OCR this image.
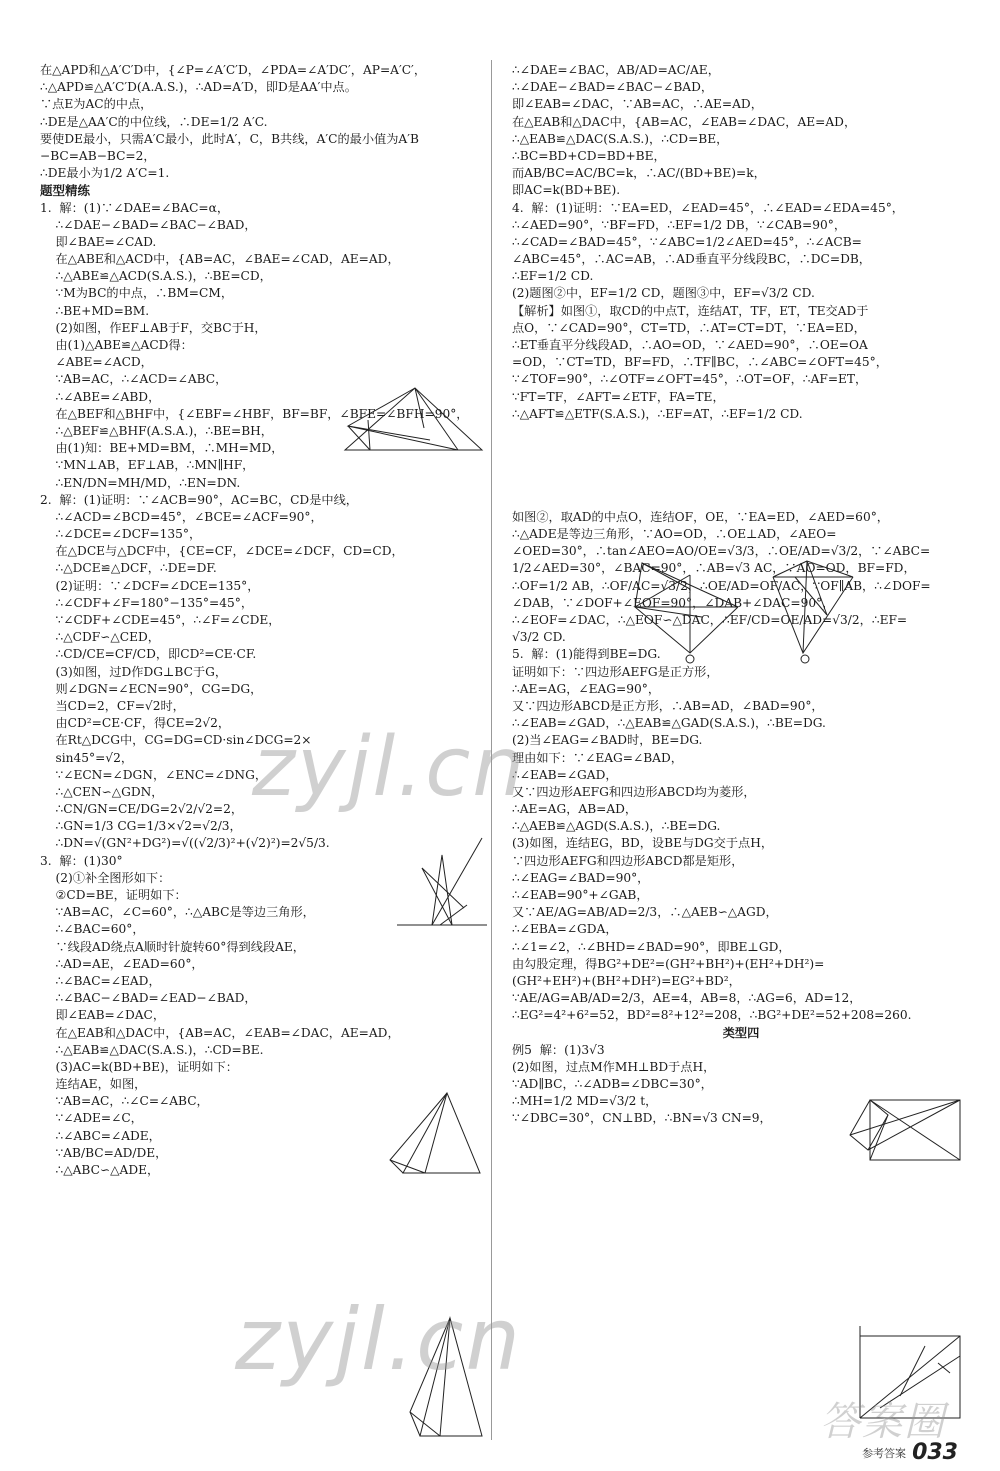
在△APD和△A′C′D中，{∠P=∠A′C′D，∠PDA=∠A′DC′，AP=A′C′，
∴△APD≌△A′C′D(A.A.S.)，∴AD=A′D，即D是AA′中点。
∵点E为AC的中点，
∴DE是△AA′C的中位线，∴DE=1/2 A′C.
要使DE最小，只需A′C最小，此时A′，C，B共线，A′C的最小值为A′B
−BC=AB−BC=2，
∴DE最小为1/2 A′C=1.
题型精练
1.  解：(1)∵∠DAE=∠BAC=α，
∴∠DAE−∠BAD=∠BAC−∠BAD，
即∠BAE=∠CAD.
在△ABE和△ACD中，{AB=AC，∠BAE=∠CAD，AE=AD，
∴△ABE≌△ACD(S.A.S.)，∴BE=CD，
∵M为BC的中点，∴BM=CM，
∴BE+MD=BM.
(2)如图，作EF⊥AB于F，交BC于H，
由(1)△ABE≌△ACD得：
∠ABE=∠ACD，
∵AB=AC，∴∠ACD=∠ABC，
∴∠ABE=∠ABD，
在△BEF和△BHF中，{∠EBF=∠HBF，BF=BF，∠BFE=∠BFH=90°，
∴△BEF≌△BHF(A.S.A.)，∴BE=BH，
由(1)知：BE+MD=BM，∴MH=MD，
∵MN⊥AB，EF⊥AB，∴MN∥HF，
∴EN/DN=MH/MD，∴EN=DN.
2.  解：(1)证明：∵∠ACB=90°，AC=BC，CD是中线，
∴∠ACD=∠BCD=45°，∠BCE=∠ACF=90°，
∴∠DCE=∠DCF=135°，
在△DCE与△DCF中，{CE=CF，∠DCE=∠DCF，CD=CD，
∴△DCE≌△DCF，∴DE=DF.
(2)证明：∵∠DCF=∠DCE=135°，
∴∠CDF+∠F=180°−135°=45°，
∵∠CDF+∠CDE=45°，∴∠F=∠CDE，
∴△CDF∽△CED，
∴CD/CE=CF/CD，即CD²=CE·CF.
(3)如图，过D作DG⊥BC于G，
则∠DGN=∠ECN=90°，CG=DG，
当CD=2，CF=√2时，
由CD²=CE·CF，得CE=2√2，
在Rt△DCG中，CG=DG=CD·sin∠DCG=2×
sin45°=√2，
∵∠ECN=∠DGN，∠ENC=∠DNG，
∴△CEN∽△GDN，
∴CN/GN=CE/DG=2√2/√2=2，
∴GN=1/3 CG=1/3×√2=√2/3，
∴DN=√(GN²+DG²)=√((√2/3)²+(√2)²)=2√5/3.
3.  解：(1)30°
(2)①补全图形如下：
②CD=BE，证明如下：
∵AB=AC，∠C=60°，∴△ABC是等边三角形，
∴∠BAC=60°，
∵线段AD绕点A顺时针旋转60°得到线段AE，
∴AD=AE，∠EAD=60°，
∴∠BAC=∠EAD，
∴∠BAC−∠BAD=∠EAD−∠BAD，
即∠EAB=∠DAC，
在△EAB和△DAC中，{AB=AC，∠EAB=∠DAC，AE=AD，
∴△EAB≌△DAC(S.A.S.)，∴CD=BE.
(3)AC=k(BD+BE)，证明如下：
连结AE，如图，
∵AB=AC，∴∠C=∠ABC，
∵∠ADE=∠C，
∴∠ABC=∠ADE，
∵AB/BC=AD/DE，
∴△ABC∽△ADE，
∴∠DAE=∠BAC，AB/AD=AC/AE，
∴∠DAE−∠BAD=∠BAC−∠BAD，
即∠EAB=∠DAC，∵AB=AC，∴AE=AD，
在△EAB和△DAC中，{AB=AC，∠EAB=∠DAC，AE=AD，
∴△EAB≌△DAC(S.A.S.)，∴CD=BE，
∴BC=BD+CD=BD+BE，
而AB/BC=AC/BC=k，∴AC/(BD+BE)=k，
即AC=k(BD+BE).
4.  解：(1)证明：∵EA=ED，∠EAD=45°，∴∠EAD=∠EDA=45°，
∴∠AED=90°，∵BF=FD，∴EF=1/2 DB，∵∠CAB=90°，
∴∠CAD=∠BAD=45°，∵∠ABC=1/2∠AED=45°，∴∠ACB=
∠ABC=45°，∴AC=AB，∴AD垂直平分线段BC，∴DC=DB，
∴EF=1/2 CD.
(2)题图②中，EF=1/2 CD，题图③中，EF=√3/2 CD.
【解析】如图①，取CD的中点T，连结AT，TF，ET，TE交AD于
点O，∵∠CAD=90°，CT=TD，∴AT=CT=DT，∵EA=ED，
∴ET垂直平分线段AD，∴AO=OD，∵∠AED=90°，∴OE=OA
=OD，∵CT=TD，BF=FD，∴TF∥BC，∴∠ABC=∠OFT=45°，
∵∠TOF=90°，∴∠OTF=∠OFT=45°，∴OT=OF，∴AF=ET，
∵FT=TF，∠AFT=∠ETF，FA=TE，
∴△AFT≌△ETF(S.A.S.)，∴EF=AT，∴EF=1/2 CD.
如图②，取AD的中点O，连结OF，OE，∵EA=ED，∠AED=60°，
∴△ADE是等边三角形，∵AO=OD，∴OE⊥AD，∠AEO=
∠OED=30°，∴tan∠AEO=AO/OE=√3/3，∴OE/AD=√3/2，∵∠ABC=
1/2∠AED=30°，∠BAC=90°，∴AB=√3 AC，∵AO=OD，BF=FD，
∴OF=1/2 AB，∴OF/AC=√3/2，∴OE/AD=OF/AC，∵OF∥AB，∴∠DOF=
∠DAB，∵∠DOF+∠EOF=90°，∠DAB+∠DAC=90°，
∴∠EOF=∠DAC，∴△EOF∽△DAC，∴EF/CD=OE/AD=√3/2，∴EF=
√3/2 CD.
5.  解：(1)能得到BE=DG.
证明如下：∵四边形AEFG是正方形，
∴AE=AG，∠EAG=90°，
又∵四边形ABCD是正方形，∴AB=AD，∠BAD=90°，
∴∠EAB=∠GAD，∴△EAB≌△GAD(S.A.S.)，∴BE=DG.
(2)当∠EAG=∠BAD时，BE=DG.
理由如下：∵∠EAG=∠BAD，
∴∠EAB=∠GAD，
又∵四边形AEFG和四边形ABCD均为菱形，
∴AE=AG，AB=AD，
∴△AEB≌△AGD(S.A.S.)，∴BE=DG.
(3)如图，连结EG，BD，设BE与DG交于点H，
∵四边形AEFG和四边形ABCD都是矩形，
∴∠EAG=∠BAD=90°，
∴∠EAB=90°+∠GAB，
又∵AE/AG=AB/AD=2/3，∴△AEB∽△AGD，
∴∠EBA=∠GDA，
∴∠1=∠2，∴∠BHD=∠BAD=90°，即BE⊥GD，
由勾股定理，得BG²+DE²=(GH²+BH²)+(EH²+DH²)=
(GH²+EH²)+(BH²+DH²)=EG²+BD²，
∵AE/AG=AB/AD=2/3，AE=4，AB=8，∴AG=6，AD=12，
∴EG²=4²+6²=52，BD²=8²+12²=208，∴BG²+DE²=52+208=260.
类型四
例5  解：(1)3√3
(2)如图，过点M作MH⊥BD于点H，
∵AD∥BC，∴∠ADB=∠DBC=30°，
∴MH=1/2 MD=√3/2 t，
∵∠DBC=30°，CN⊥BD，∴BN=√3 CN=9，
zyjl.cn
zyjl.cn
答案圈
参考答案 033
